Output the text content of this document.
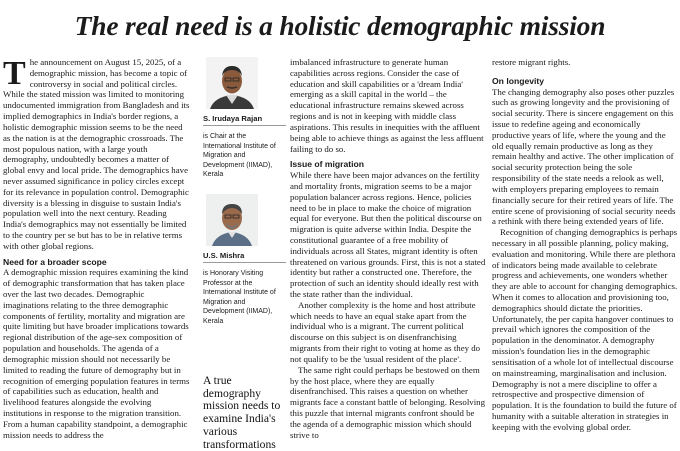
The real need is a holistic demographic mission

The announcement on August 15, 2025, of a demographic mission, has become a topic of controversy in social and political circles. While the stated mission was limited to monitoring undocumented immigration from Bangladesh and its implied demographics in India's border regions, a holistic demographic mission seems to be the need as the nation is at the demographic crossroads. The most populous nation, with a large youth demography, undoubtedly becomes a matter of global envy and local pride. The demographics have never assumed significance in policy circles except for its relevance in population control. Demographic diversity is a blessing in disguise to sustain India's population well into the next century. Reading India's demographics may not essentially be limited to the country per se but has to be in relative terms with other global regions.

Need for a broader scope

A demographic mission requires examining the kind of demographic transformation that has taken place over the last two decades. Demographic imaginations relating to the three demographic components of fertility, mortality and migration are quite limiting but have broader implications towards regional distribution of the age-sex composition of population and households. The agenda of a demographic mission should not necessarily be limited to reading the future of demography but in recognition of emerging population features in terms of capabilities such as education, health and livelihood features alongside the evolving institutions in response to the migration transition. From a human capability standpoint, a demographic mission needs to address the

S. Irudaya Rajan
is Chair at the International Institute of Migration and Development (IIMAD), Kerala
U.S. Mishra
is Honorary Visiting Professor at the International Institute of Migration and Development (IIMAD), Kerala
A true demography mission needs to examine India's various transformations

imbalanced infrastructure to generate human capabilities across regions. Consider the case of education and skill capabilities or a 'dream India' emerging as a skill capital in the world – the educational infrastructure remains skewed across regions and is not in keeping with middle class aspirations. This results in inequities with the affluent being able to achieve things as against the less affluent failing to do so.

Issue of migration

While there have been major advances on the fertility and mortality fronts, migration seems to be a major population balancer across regions. Hence, policies need to be in place to make the choice of migration equal for everyone. But then the political discourse on migration is quite adverse within India. Despite the constitutional guarantee of a free mobility of individuals across all States, migrant identity is often threatened on various grounds. First, this is not a stated identity but rather a constructed one. Therefore, the protection of such an identity should ideally rest with the state rather than the individual.

Another complexity is the home and host attribute which needs to have an equal stake apart from the individual who is a migrant. The current political discourse on this subject is on disenfranchising migrants from their right to voting at home as they do not qualify to be the 'usual resident of the place'.

The same right could perhaps be bestowed on them by the host place, where they are equally disenfranchised. This raises a question on whether migrants face a constant battle of belonging. Resolving this puzzle that internal migrants confront should be the agenda of a demographic mission which should strive to

restore migrant rights.

On longevity

The changing demography also poses other puzzles such as growing longevity and the provisioning of social security. There is sincere engagement on this issue to redefine ageing and economically productive years of life, where the young and the old equally remain productive as long as they remain healthy and active. The other implication of social security protection being the sole responsibility of the state needs a relook as well, with employers preparing employees to remain financially secure for their retired years of life. The entire scene of provisioning of social security needs a rethink with there being extended years of life.

Recognition of changing demographics is perhaps necessary in all possible planning, policy making, evaluation and monitoring. While there are plethora of indicators being made available to celebrate progress and achievements, one wonders whether they are able to account for changing demographics. When it comes to allocation and provisioning too, demographics should dictate the priorities. Unfortunately, the per capita hangover continues to prevail which ignores the composition of the population in the denominator. A demography mission's foundation lies in the demographic sensitisation of a whole lot of intellectual discourse on mainstreaming, marginalisation and inclusion. Demography is not a mere discipline to offer a retrospective and prospective dimension of population. It is the foundation to build the future of humanity with a suitable alteration in strategies in keeping with the evolving global order.
